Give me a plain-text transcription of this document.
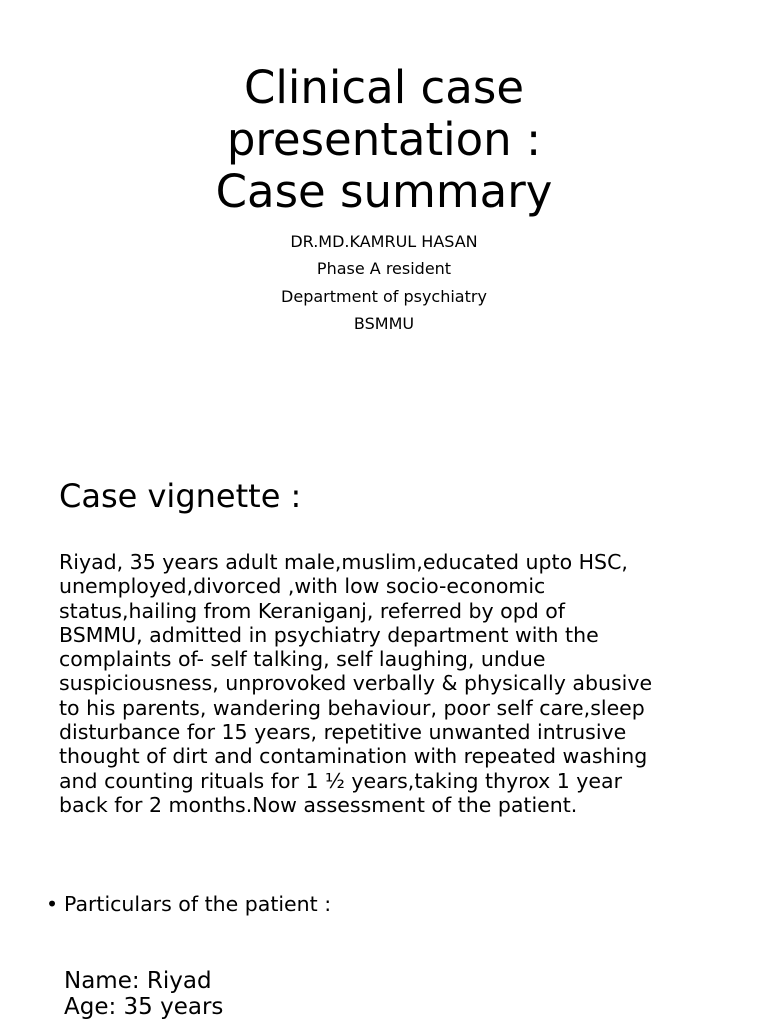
Clinical case
presentation :
Case summary
DR.MD.KAMRUL HASAN
Phase A resident
Department of psychiatry
BSMMU
Case vignette :

Riyad, 35 years adult male,muslim,educated upto HSC,
unemployed,divorced ,with low socio-economic
status,hailing from Keraniganj, referred by opd of
BSMMU, admitted in psychiatry department with the
complaints of- self talking, self laughing, undue
suspiciousness, unprovoked verbally & physically abusive
to his parents, wandering behaviour, poor self care,sleep
disturbance for 15 years, repetitive unwanted intrusive
thought of dirt and contamination with repeated washing
and counting rituals for 1 ½ years,taking thyrox 1 year
back for 2 months.Now assessment of the patient.

• Particulars of the patient :
Name: Riyad
Age: 35 years
